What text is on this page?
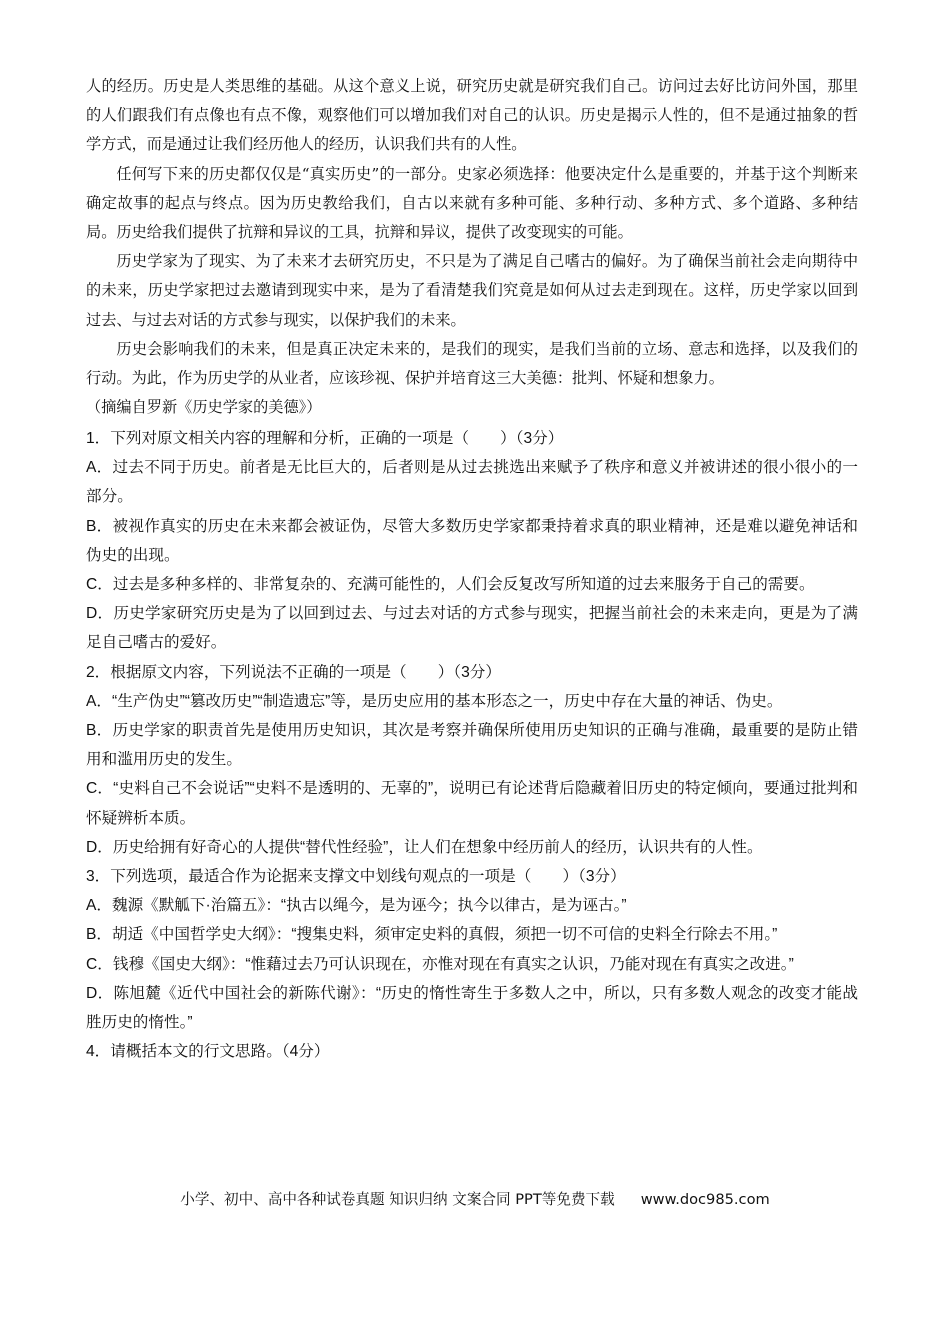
人的经历。历史是人类思维的基础。从这个意义上说，研究历史就是研究我们自己。访问过去好比访问外国，那里的人们跟我们有点像也有点不像，观察他们可以增加我们对自己的认识。历史是揭示人性的，但不是通过抽象的哲学方式，而是通过让我们经历他人的经历，认识我们共有的人性。

任何写下来的历史都仅仅是“真实历史”的一部分。史家必须选择：他要决定什么是重要的，并基于这个判断来确定故事的起点与终点。因为历史教给我们，自古以来就有多种可能、多种行动、多种方式、多个道路、多种结局。历史给我们提供了抗辩和异议的工具，抗辩和异议，提供了改变现实的可能。

历史学家为了现实、为了未来才去研究历史，不只是为了满足自己嗜古的偏好。为了确保当前社会走向期待中的未来，历史学家把过去邀请到现实中来，是为了看清楚我们究竟是如何从过去走到现在。这样，历史学家以回到过去、与过去对话的方式参与现实，以保护我们的未来。

历史会影响我们的未来，但是真正决定未来的，是我们的现实，是我们当前的立场、意志和选择，以及我们的行动。为此，作为历史学的从业者，应该珍视、保护并培育这三大美德：批判、怀疑和想象力。

（摘编自罗新《历史学家的美德》）

1．下列对原文相关内容的理解和分析，正确的一项是（　　）（3分）

A．过去不同于历史。前者是无比巨大的，后者则是从过去挑选出来赋予了秩序和意义并被讲述的很小很小的一部分。

B．被视作真实的历史在未来都会被证伪，尽管大多数历史学家都秉持着求真的职业精神，还是难以避免神话和伪史的出现。

C．过去是多种多样的、非常复杂的、充满可能性的，人们会反复改写所知道的过去来服务于自己的需要。

D．历史学家研究历史是为了以回到过去、与过去对话的方式参与现实，把握当前社会的未来走向，更是为了满足自己嗜古的爱好。

2．根据原文内容，下列说法不正确的一项是（　　）（3分）

A．“生产伪史”“篡改历史”“制造遗忘”等，是历史应用的基本形态之一，历史中存在大量的神话、伪史。

B．历史学家的职责首先是使用历史知识，其次是考察并确保所使用历史知识的正确与准确，最重要的是防止错用和滥用历史的发生。

C．“史料自己不会说话”“史料不是透明的、无辜的”，说明已有论述背后隐藏着旧历史的特定倾向，要通过批判和怀疑辨析本质。

D．历史给拥有好奇心的人提供“替代性经验”，让人们在想象中经历前人的经历，认识共有的人性。

3．下列选项，最适合作为论据来支撑文中划线句观点的一项是（　　）（3分）

A．魏源《默觚下·治篇五》：“执古以绳今，是为诬今；执今以律古，是为诬古。”

B．胡适《中国哲学史大纲》：“搜集史料，须审定史料的真假，须把一切不可信的史料全行除去不用。”

C．钱穆《国史大纲》：“惟藉过去乃可认识现在，亦惟对现在有真实之认识，乃能对现在有真实之改进。”

D．陈旭麓《近代中国社会的新陈代谢》：“历史的惰性寄生于多数人之中，所以，只有多数人观念的改变才能战胜历史的惰性。”

4．请概括本文的行文思路。（4分）

小学、初中、高中各种试卷真题 知识归纳 文案合同 PPT等免费下载 www.doc985.com
